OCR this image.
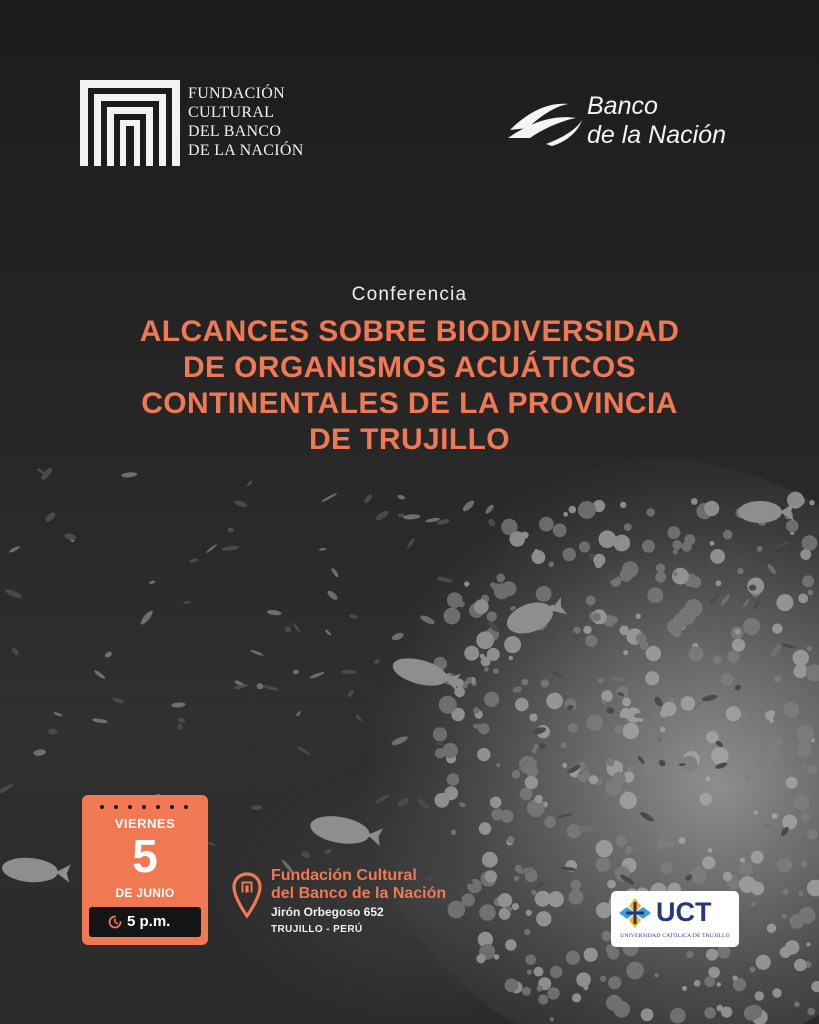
FUNDACIÓN
CULTURAL
DEL BANCO
DE LA NACIÓN
Banco
de la Nación
Conferencia
ALCANCES SOBRE BIODIVERSIDAD
DE ORGANISMOS ACUÁTICOS
CONTINENTALES DE LA PROVINCIA
DE TRUJILLO
VIERNES
5
DE JUNIO
5 p.m.
Fundación Cultural
del Banco de la Nación
Jirón Orbegoso 652
TRUJILLO - PERÚ
UCT
UNIVERSIDAD CATÓLICA DE TRUJILLO
